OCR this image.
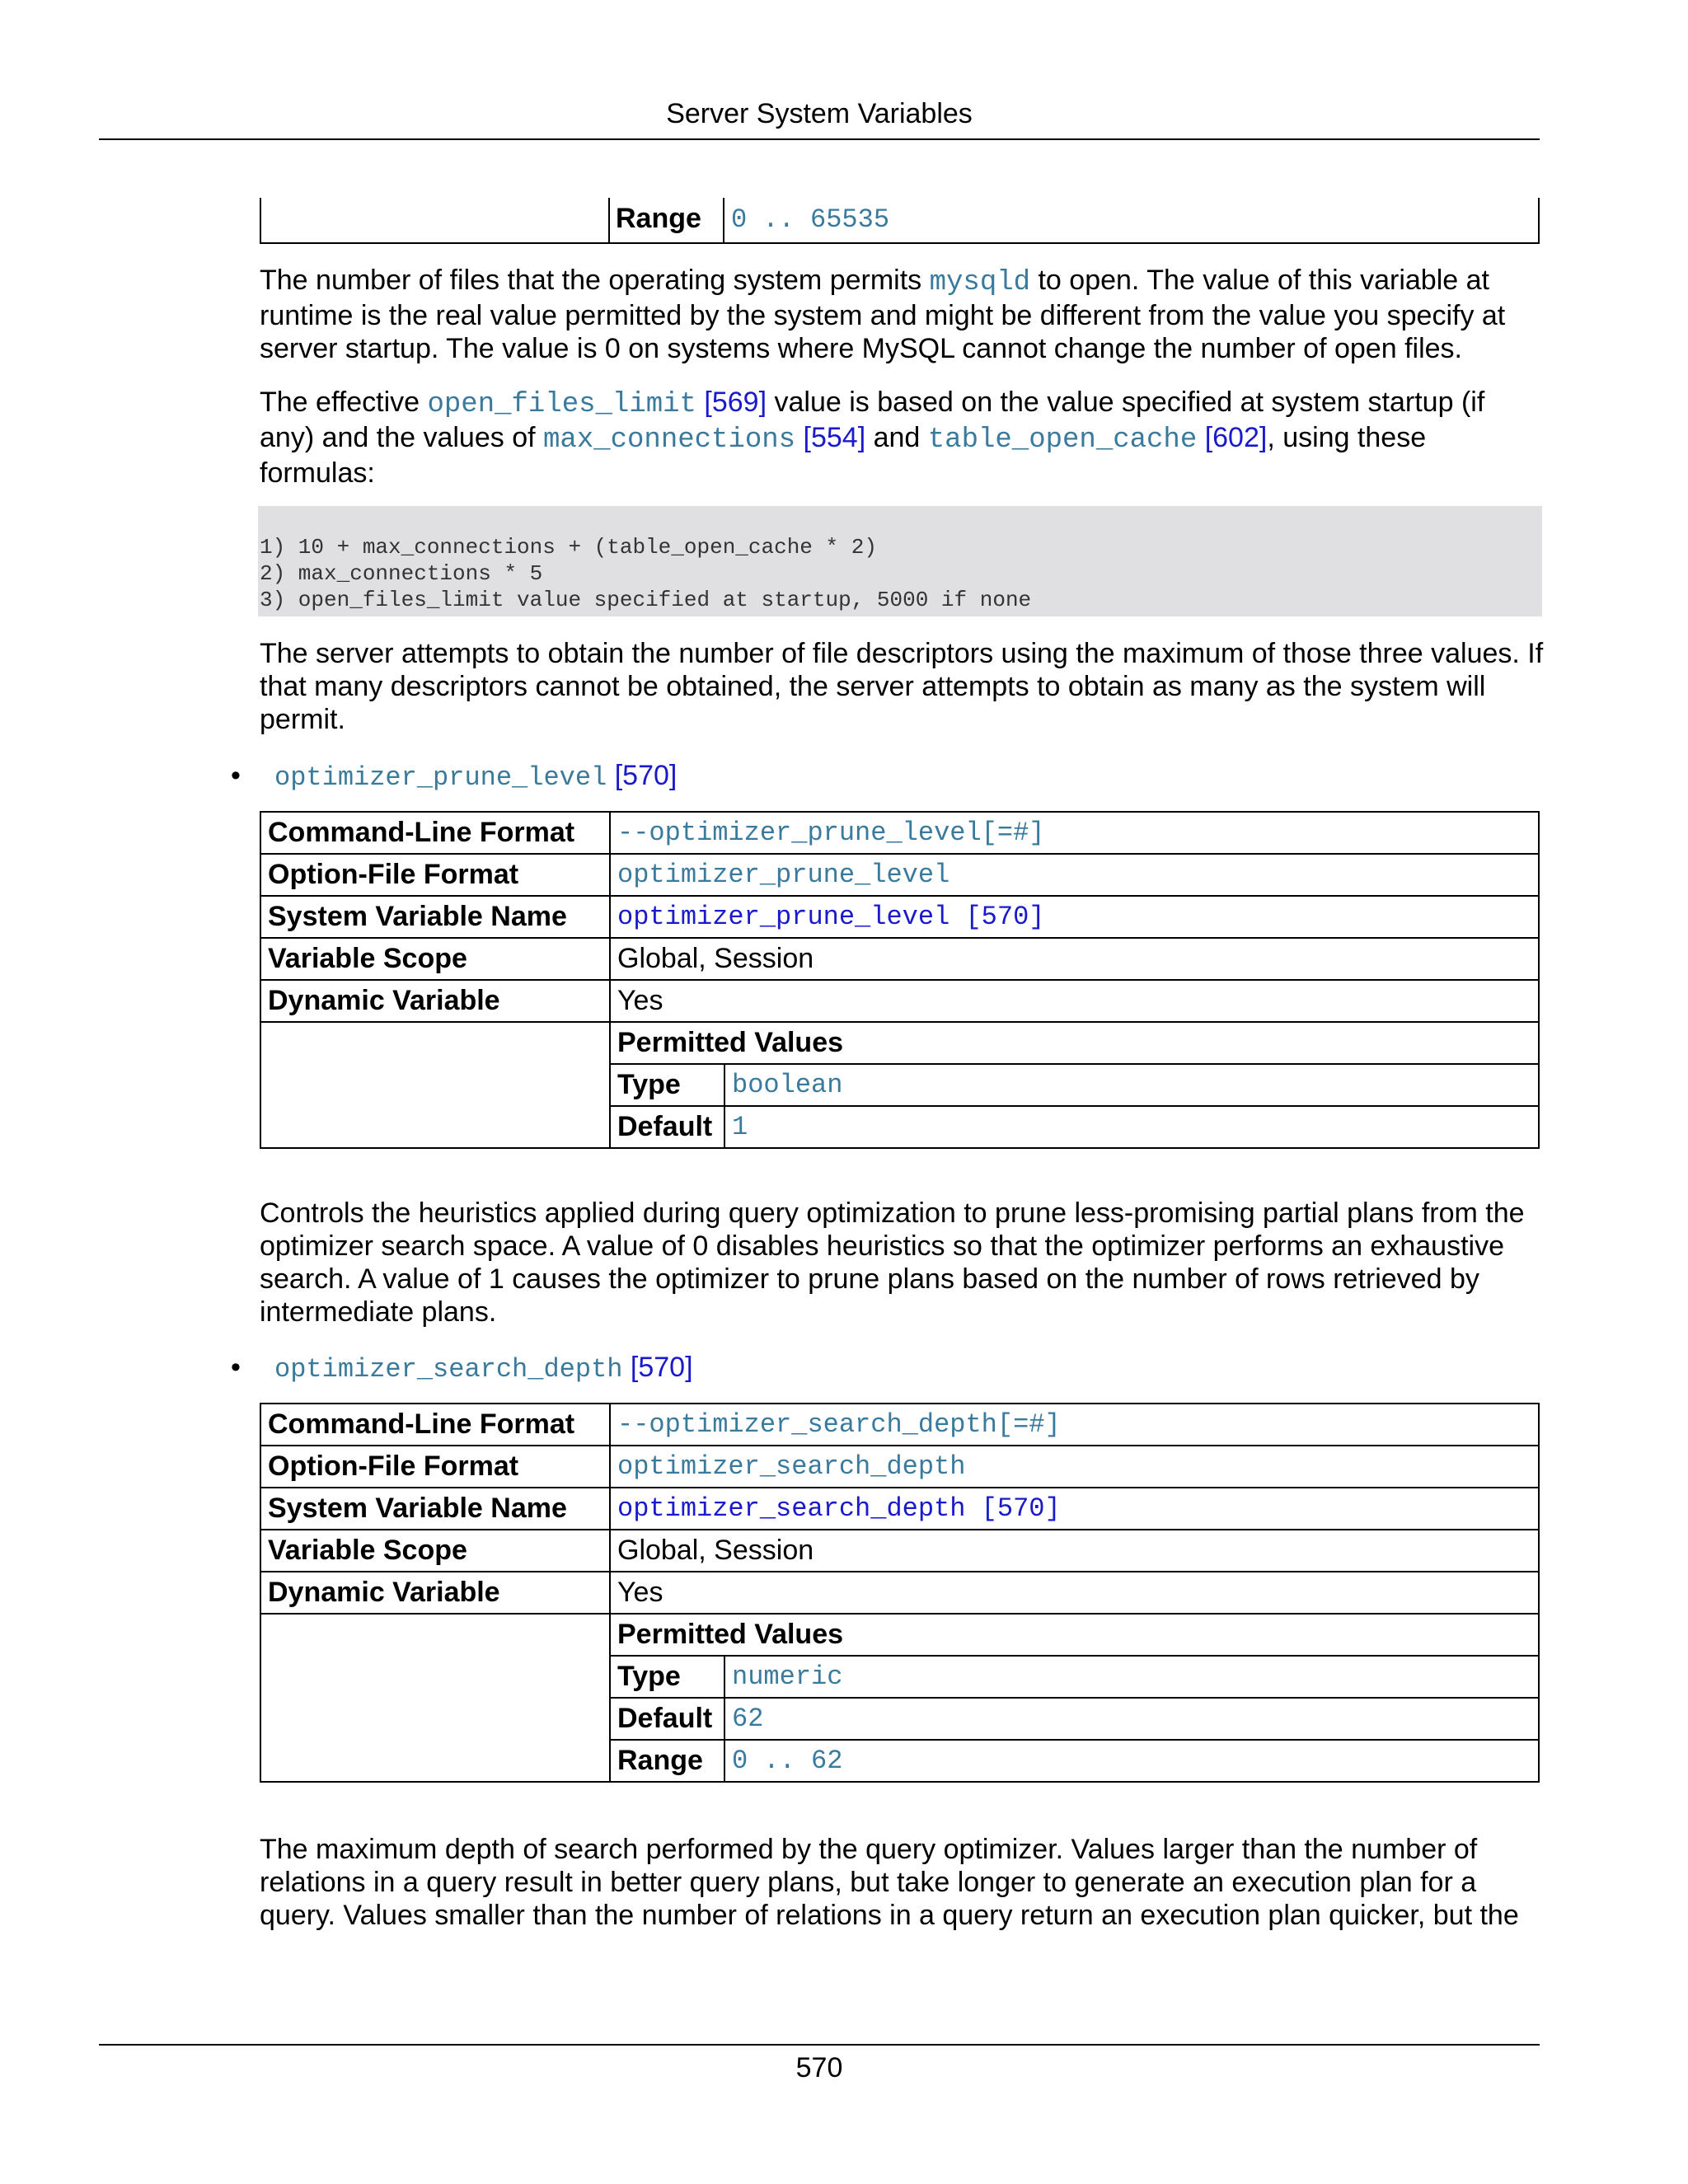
Server System Variables
Range 0 .. 65535

The number of files that the operating system permits mysqld to open. The value of this variable at runtime is the real value permitted by the system and might be different from the value you specify at server startup. The value is 0 on systems where MySQL cannot change the number of open files.

The effective open_files_limit [569] value is based on the value specified at system startup (if any) and the values of max_connections [554] and table_open_cache [602], using these formulas:

1) 10 + max_connections + (table_open_cache * 2)
2) max_connections * 5
3) open_files_limit value specified at startup, 5000 if none

The server attempts to obtain the number of file descriptors using the maximum of those three values. If that many descriptors cannot be obtained, the server attempts to obtain as many as the system will permit.

• optimizer_prune_level [570]
Command-Line Format	--optimizer_prune_level[=#]	
Option-File Format	optimizer_prune_level	
System Variable Name	optimizer_prune_level [570]	
Variable Scope	Global, Session	
Dynamic Variable	Yes	
	Permitted Values	
	Type	boolean
	Default	1

Controls the heuristics applied during query optimization to prune less-promising partial plans from the optimizer search space. A value of 0 disables heuristics so that the optimizer performs an exhaustive search. A value of 1 causes the optimizer to prune plans based on the number of rows retrieved by intermediate plans.

• optimizer_search_depth [570]
Command-Line Format	--optimizer_search_depth[=#]	
Option-File Format	optimizer_search_depth	
System Variable Name	optimizer_search_depth [570]	
Variable Scope	Global, Session	
Dynamic Variable	Yes	
	Permitted Values	
	Type	numeric
	Default	62
	Range	0 .. 62

The maximum depth of search performed by the query optimizer. Values larger than the number of relations in a query result in better query plans, but take longer to generate an execution plan for a query. Values smaller than the number of relations in a query return an execution plan quicker, but the

570
